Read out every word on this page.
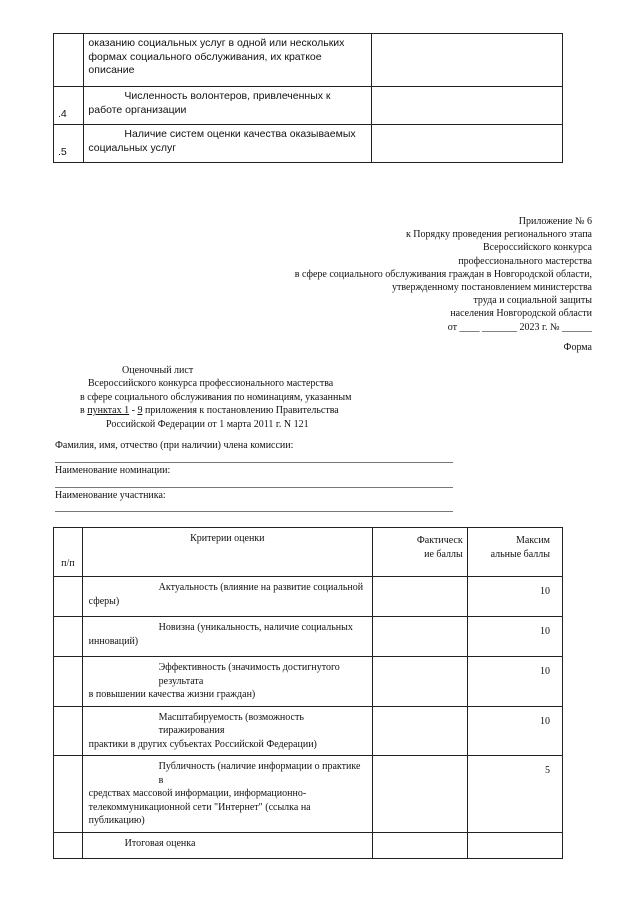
	оказанию социальных услуг в одной или нескольких
формах социального обслуживания, их краткое
описание	

.4	Численность волонтеров, привлеченных к
работе организации	

.5	Наличие систем оценки качества оказываемых
социальных услуг	

Приложение № 6
к Порядку проведения регионального этапа
Всероссийского конкурса
профессионального мастерства
в сфере социального обслуживания граждан в Новгородской области,
утвержденному постановлением министерства
труда и социальной защиты
населения Новгородской области
от ____ _______ 2023 г. № ______
Форма
Оценочный лист
Всероссийского конкурса профессионального мастерства
в сфере социального обслуживания по номинациям, указанным
в пунктах 1 - 9 приложения к постановлению Правительства
Российской Федерации от 1 марта 2011 г. N 121
Фамилия, имя, отчество (при наличии) члена комиссии:
Наименование номинации:
Наименование участника:
п/п	Критерии оценки	Фактическ
ие баллы	Максим
альные баллы

	Актуальность (влияние на развитие социальной
сферы)		10

	Новизна (уникальность, наличие социальных
инноваций)		10

	Эффективность (значимость достигнутого результата
в повышении качества жизни граждан)		10

	Масштабируемость (возможность тиражирования
практики в других субъектах Российской Федерации)		10

	Публичность (наличие информации о практике в
средствах массовой информации, информационно-
телекоммуникационной сети "Интернет" (ссылка на
публикацию)		5

	Итоговая оценка		
